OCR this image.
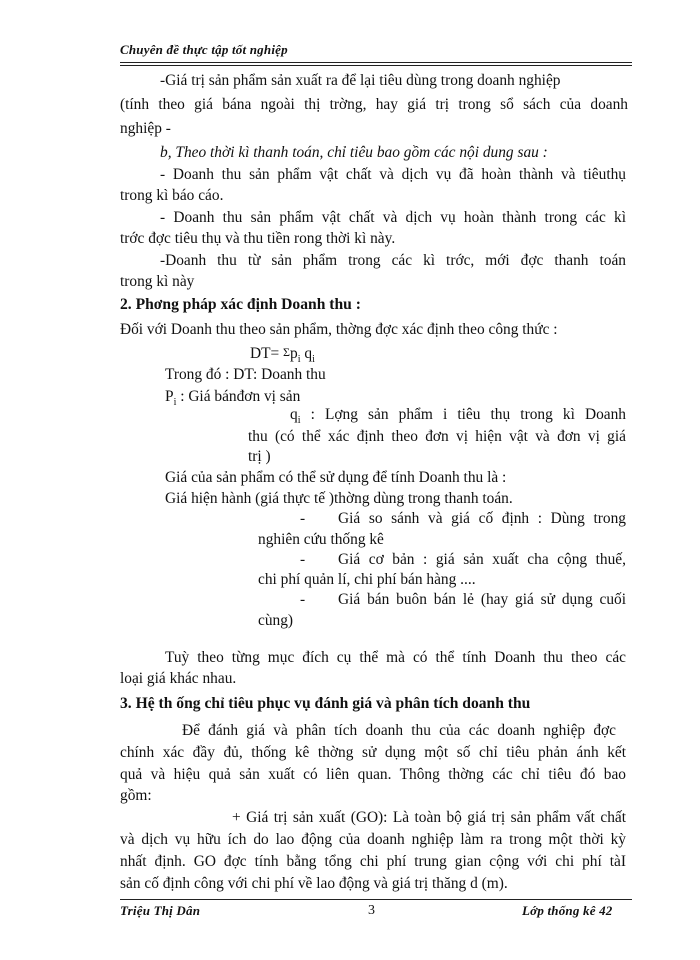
Chuyên đề thực tập tốt nghiệp
-Giá trị sản phẩm sản xuất ra để lại tiêu dùng trong doanh nghiệp
(tính theo giá bána ngoài thị trờng, hay giá trị trong sổ sách của doanh
nghiệp -
b, Theo thời kì thanh toán, chỉ tiêu bao gồm các nội dung sau :
- Doanh thu sản phẩm vật chất và dịch vụ đã hoàn thành và tiêuthụ
trong kì báo cáo.
- Doanh thu sản phẩm vật chất và dịch vụ hoàn thành trong các kì
trớc đợc tiêu thụ và thu tiền rong thời kì này.
-Doanh thu từ sản phẩm trong các kì trớc, mới đợc thanh toán
trong kì này
2. Phơng pháp xác định Doanh thu :
Đối với Doanh thu theo sản phẩm, thờng đợc xác định theo công thức :
$DT= \Sigma p_i$ $q_i$
Trong đó : DT: Doanh thu
$P_i$ : Giá bánđơn vị sản
$q_i$ : Lợng sản phẩm i tiêu thụ trong kì Doanh
thu (có thể xác định theo đơn vị hiện vật và đơn vị giá
trị )
Giá của sản phẩm có thể sử dụng để tính Doanh thu là :
Giá hiện hành (giá thực tế )thờng dùng trong thanh toán.
- Giá so sánh và giá cố định : Dùng trong
nghiên cứu thống kê
- Giá cơ bản : giá sản xuất cha cộng thuế,
chi phí quản lí, chi phí bán hàng ....
- Giá bán buôn bán lẻ (hay giá sử dụng cuối
cùng)
Tuỳ theo từng mục đích cụ thể mà có thể tính Doanh thu theo các
loại giá khác nhau.
3. Hệ th ống chỉ tiêu phục vụ đánh giá và phân tích doanh thu
Để đánh giá và phân tích doanh thu của các doanh nghiệp đợc
chính xác đầy đủ, thống kê thờng sử dụng một số chỉ tiêu phản ánh kết
quả và hiệu quả sản xuất có liên quan. Thông thờng các chỉ tiêu đó bao
gồm:
+ Giá trị sản xuất (GO): Là toàn bộ giá trị sản phẩm vất chất
và dịch vụ hữu ích do lao động của doanh nghiệp làm ra trong một thời kỳ
nhất định. GO đợc tính bằng tổng chi phí trung gian cộng với chi phí tàI
sản cố định công với chi phí về lao động và giá trị thăng d (m).
Triệu Thị Dân	3	Lớp thống kê 42
